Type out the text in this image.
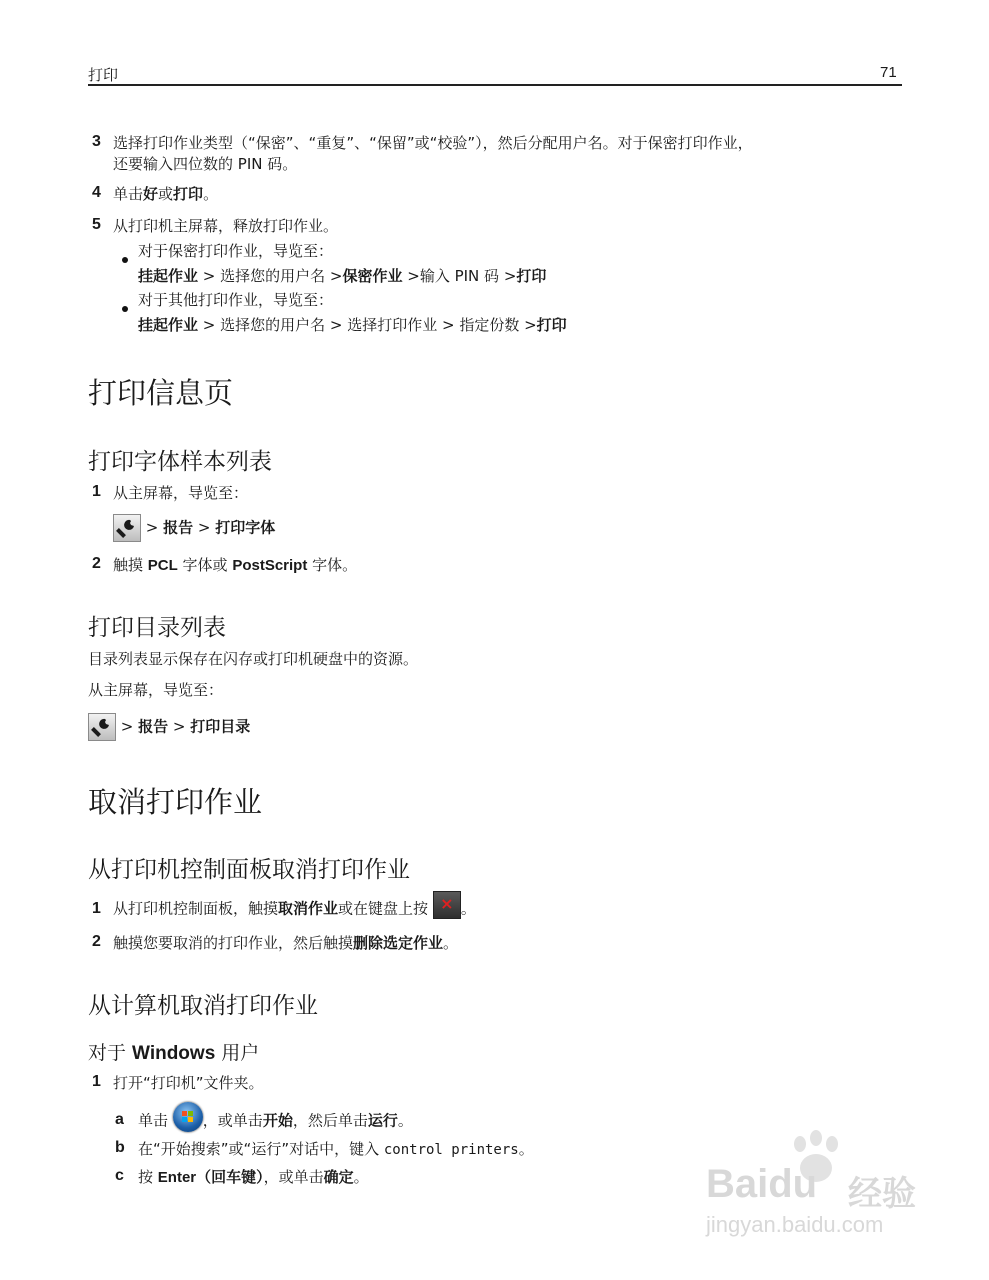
打印	71
3 选择打印作业类型（“保密”、“重复”、“保留”或“校验”），然后分配用户名。对于保密打印作业，
还要输入四位数的 PIN 码。
4 单击好或打印。
5 从打印机主屏幕，释放打印作业。
对于保密打印作业，导览至：
挂起作业 > 选择您的用户名 >保密作业 >输入 PIN 码 >打印
对于其他打印作业，导览至：
挂起作业 > 选择您的用户名 > 选择打印作业 > 指定份数 >打印
打印信息页
打印字体样本列表
1 从主屏幕，导览至：
> 报告 > 打印字体
2 触摸 PCL 字体或 PostScript 字体。
打印目录列表
目录列表显示保存在闪存或打印机硬盘中的资源。
从主屏幕，导览至：
> 报告 > 打印目录
取消打印作业
从打印机控制面板取消打印作业
1 从打印机控制面板，触摸取消作业或在键盘上按 × 。
2 触摸您要取消的打印作业，然后触摸删除选定作业。
从计算机取消打印作业
对于 Windows 用户
1 打开“打印机”文件夹。
a 单击 ，或单击开始，然后单击运行。
b 在“开始搜索”或“运行”对话中，键入 control printers。
c 按 Enter（回车键），或单击确定。	Baidu 经验
jingyan.baidu.com
